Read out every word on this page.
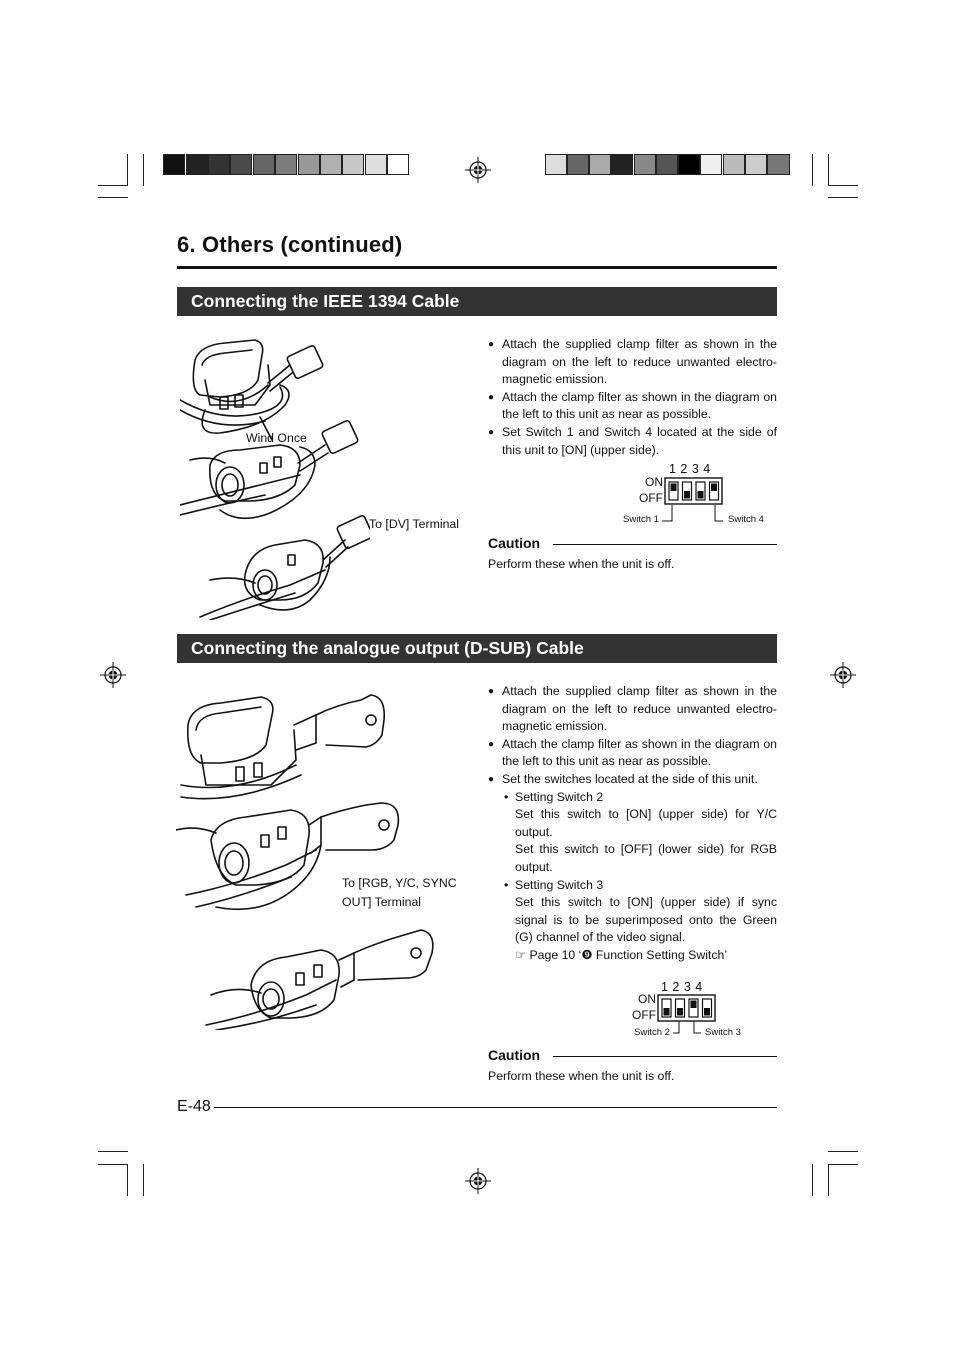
6. Others (continued)
Connecting the IEEE 1394 Cable
Wind Once
To [DV] Terminal
● Attach the supplied clamp filter as shown in the diagram on the left to reduce unwanted electro-magnetic emission.
● Attach the clamp filter as shown in the diagram on the left to this unit as near as possible.
● Set Switch 1 and Switch 4 located at the side of this unit to [ON] (upper side).
1 2 3 4
ON
OFF
Switch 1	Switch 4
Caution
Perform these when the unit is off.
Connecting the analogue output (D-SUB) Cable
To [RGB, Y/C, SYNC
OUT] Terminal
● Attach the supplied clamp filter as shown in the diagram on the left to reduce unwanted electro-magnetic emission.
● Attach the clamp filter as shown in the diagram on the left to this unit as near as possible.
● Set the switches located at the side of this unit.
• Setting Switch 2
Set this switch to [ON] (upper side) for Y/C output.
Set this switch to [OFF] (lower side) for RGB output.
• Setting Switch 3
Set this switch to [ON] (upper side) if sync signal is to be superimposed onto the Green (G) channel of the video signal.
☞ Page 10 ‘❾ Function Setting Switch’
1 2 3 4
ON
OFF
Switch 2	Switch 3
Caution
Perform these when the unit is off.
E-48
